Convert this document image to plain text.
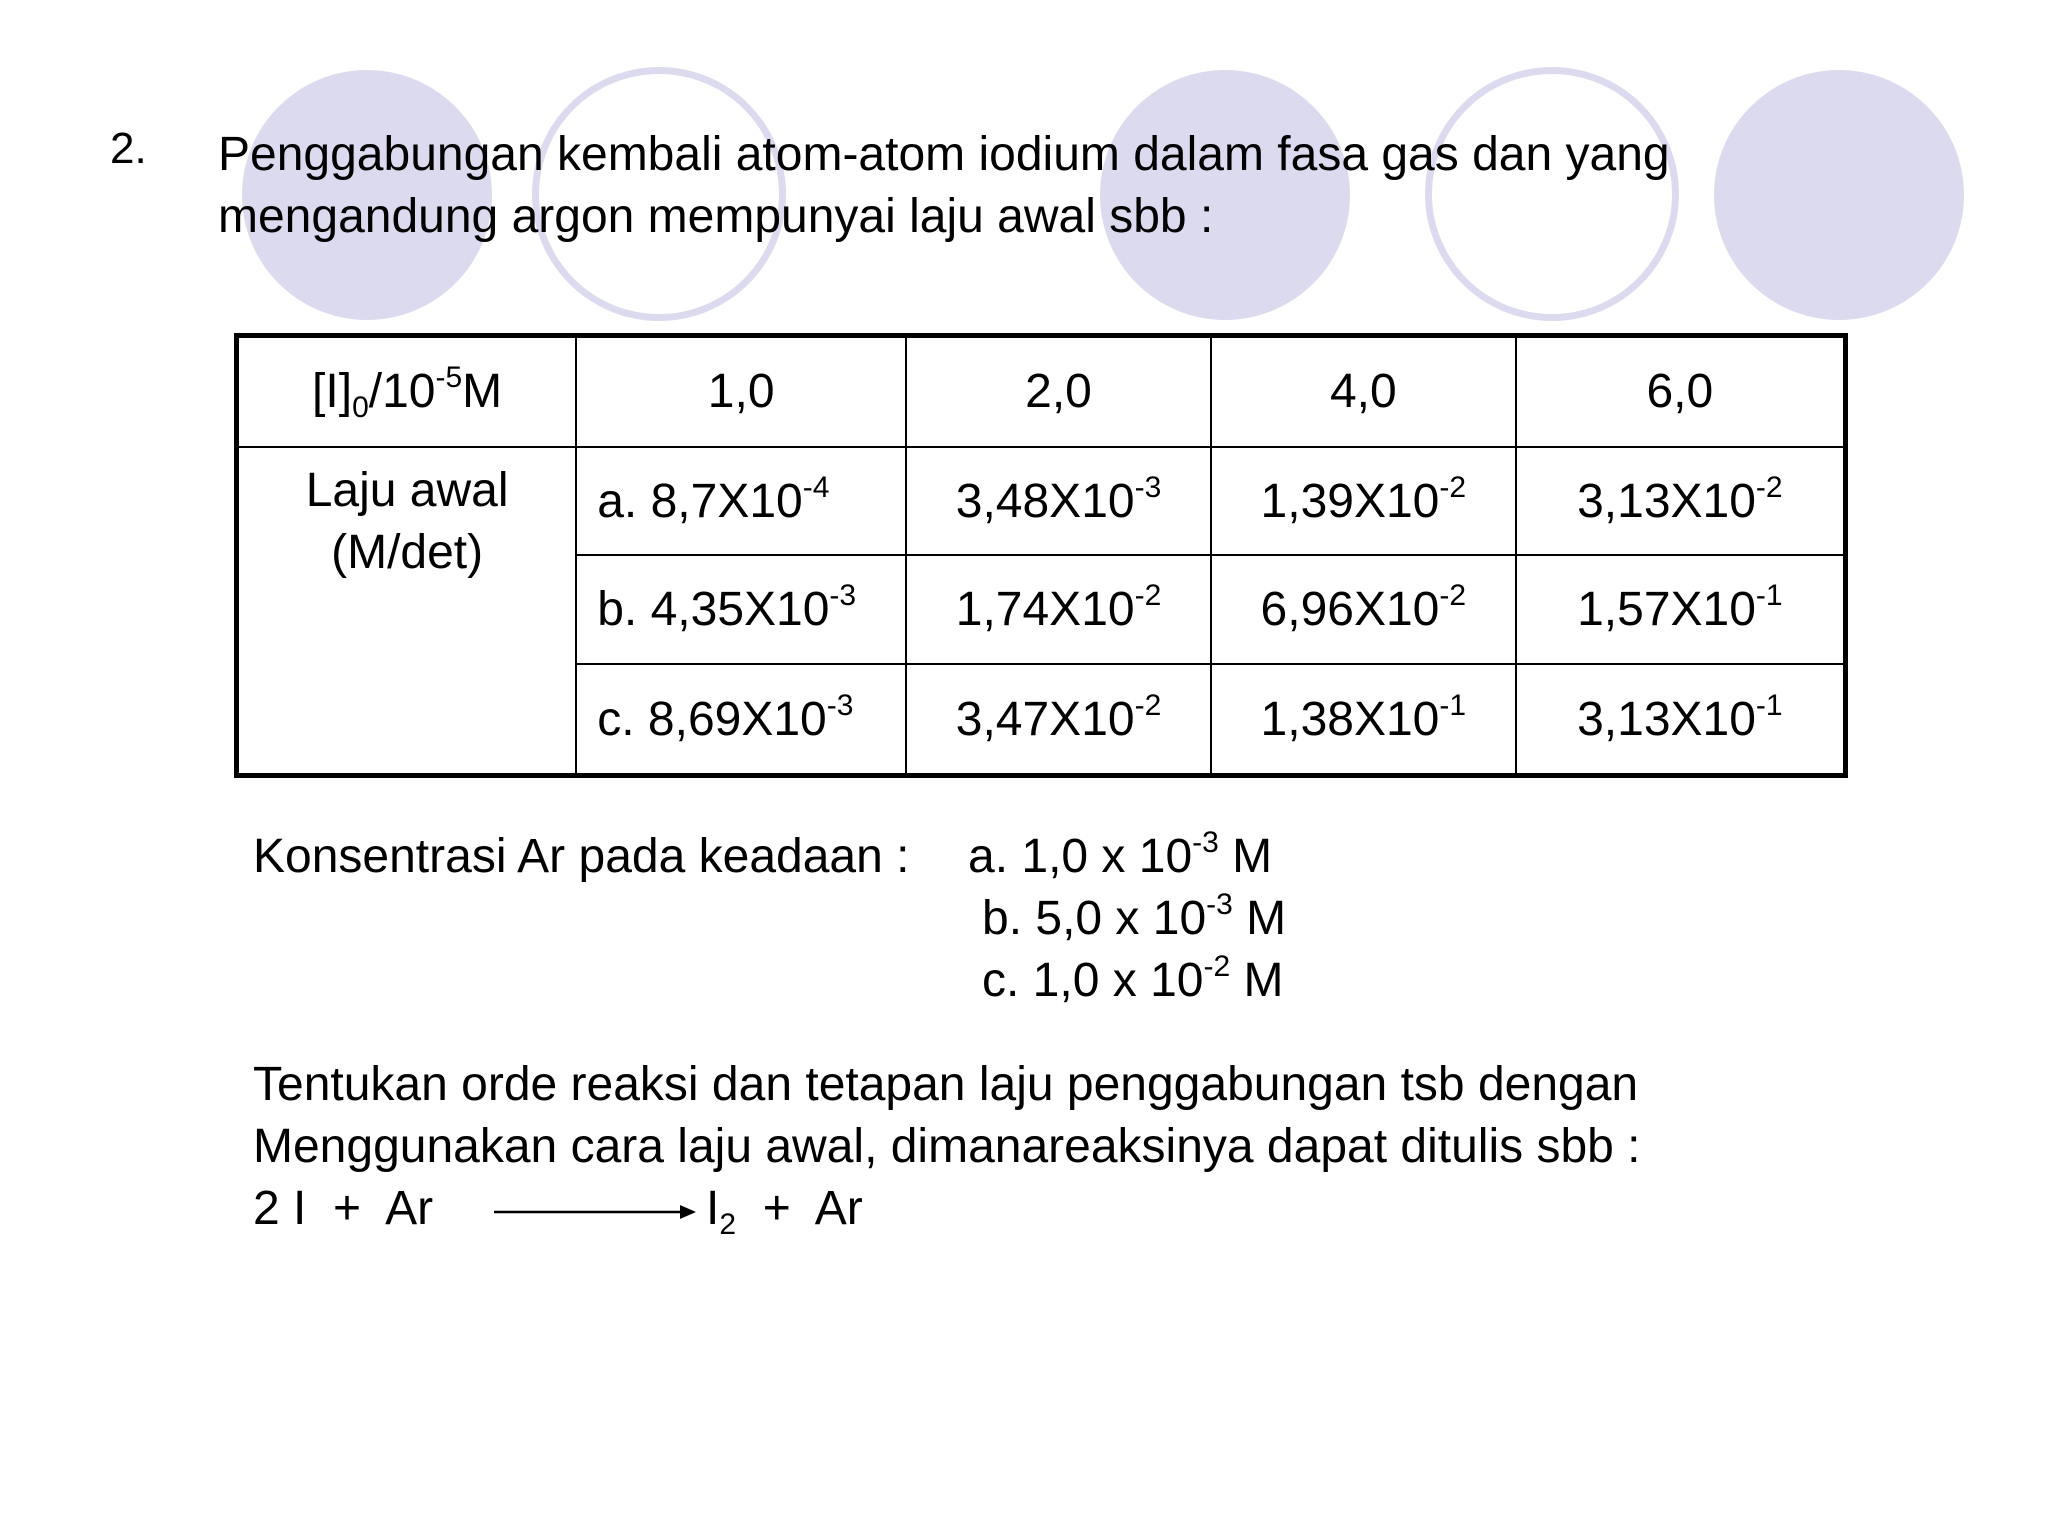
2. Penggabungan kembali atom-atom iodium dalam fasa gas dan yang
mengandung argon mempunyai laju awal sbb :
$[I]_0/10^{-5}M$	1,0	2,0	4,0	6,0

Laju awal
(M/det)	a. $8,7X10^{-4}$	$3,48X10^{-3}$	$1,39X10^{-2}$	$3,13X10^{-2}$
	b. $4,35X10^{-3}$	$1,74X10^{-2}$	$6,96X10^{-2}$	$1,57X10^{-1}$
	c. $8,69X10^{-3}$	$3,47X10^{-2}$	$1,38X10^{-1}$	$3,13X10^{-1}$
Konsentrasi Ar pada keadaan : a. 1,0 x $10^{-3}$ M
b. 5,0 x $10^{-3}$ M
c. 1,0 x $10^{-2}$ M
Tentukan orde reaksi dan tetapan laju penggabungan tsb dengan
Menggunakan cara laju awal, dimanareaksinya dapat ditulis sbb :
2 I  +  Ar	$I_2 + Ar$
